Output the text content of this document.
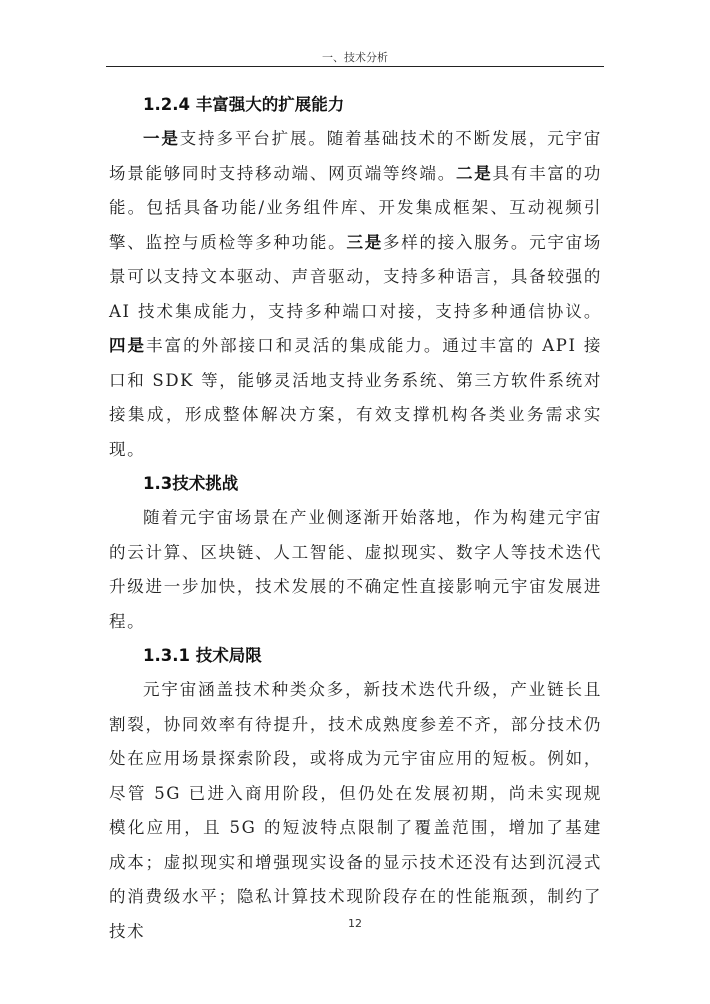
一、技术分析
1.2.4 丰富强大的扩展能力

一是支持多平台扩展。随着基础技术的不断发展，元宇宙场景能够同时支持移动端、网页端等终端。二是具有丰富的功能。包括具备功能/业务组件库、开发集成框架、互动视频引擎、监控与质检等多种功能。三是多样的接入服务。元宇宙场景可以支持文本驱动、声音驱动，支持多种语言，具备较强的 AI 技术集成能力，支持多种端口对接，支持多种通信协议。四是丰富的外部接口和灵活的集成能力。通过丰富的 API 接口和 SDK 等，能够灵活地支持业务系统、第三方软件系统对接集成，形成整体解决方案，有效支撑机构各类业务需求实现。

1.3技术挑战

随着元宇宙场景在产业侧逐渐开始落地，作为构建元宇宙的云计算、区块链、人工智能、虚拟现实、数字人等技术迭代升级进一步加快，技术发展的不确定性直接影响元宇宙发展进程。

1.3.1 技术局限

元宇宙涵盖技术种类众多，新技术迭代升级，产业链长且割裂，协同效率有待提升，技术成熟度参差不齐，部分技术仍处在应用场景探索阶段，或将成为元宇宙应用的短板。例如，尽管 5G 已进入商用阶段，但仍处在发展初期，尚未实现规模化应用，且 5G 的短波特点限制了覆盖范围，增加了基建成本；虚拟现实和增强现实设备的显示技术还没有达到沉浸式的消费级水平；隐私计算技术现阶段存在的性能瓶颈，制约了技术	12
